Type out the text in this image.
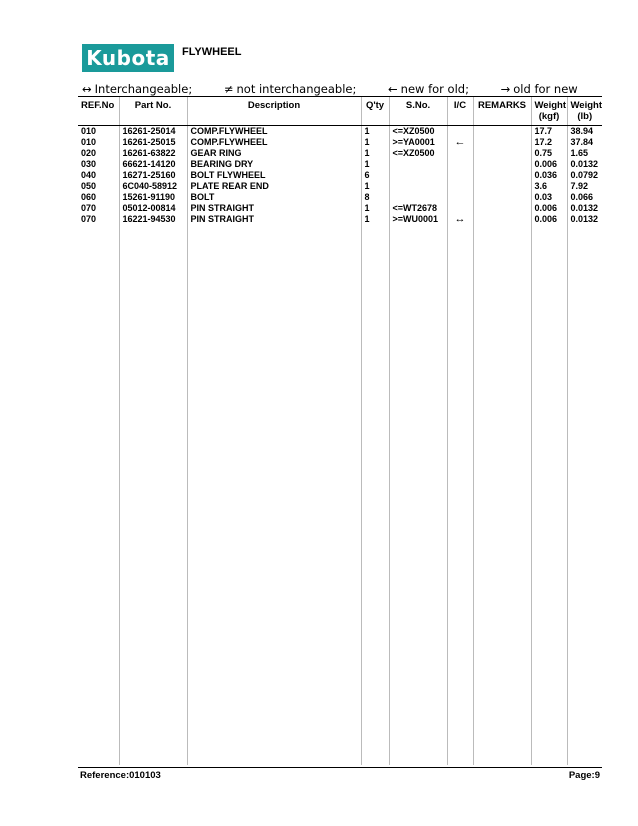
Kubota	FLYWHEEL
↔ Interchangeable;	≠ not interchangeable;	← new for old;	→ old for new
REF.No	Part No.	Description	Q'ty	S.No.	I/C	REMARKS	Weight (kgf)	Weight (lb)
010	16261-25014	COMP.FLYWHEEL	1	<=XZ0500			17.7	38.94
010	16261-25015	COMP.FLYWHEEL	1	>=YA0001	←		17.2	37.84
020	16261-63822	GEAR RING	1	<=XZ0500			0.75	1.65
030	66621-14120	BEARING DRY	1				0.006	0.0132
040	16271-25160	BOLT FLYWHEEL	6				0.036	0.0792
050	6C040-58912	PLATE REAR END	1				3.6	7.92
060	15261-91190	BOLT	8				0.03	0.066
070	05012-00814	PIN STRAIGHT	1	<=WT2678			0.006	0.0132
070	16221-94530	PIN STRAIGHT	1	>=WU0001	↔		0.006	0.0132

Reference:010103	Page:9
